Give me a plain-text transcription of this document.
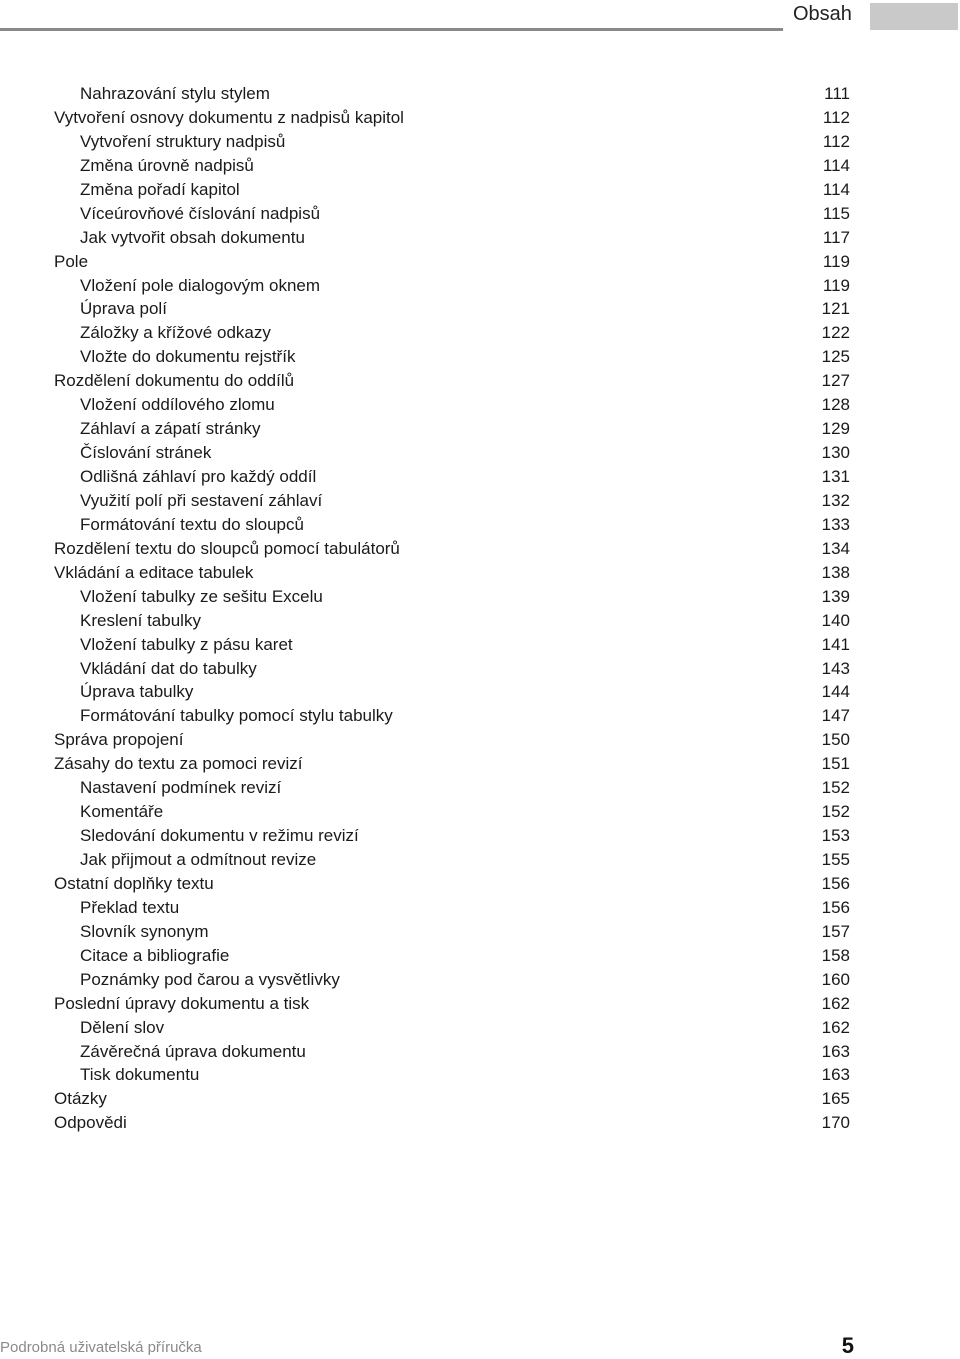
Obsah
Nahrazování stylu stylem	111
Vytvoření osnovy dokumentu z nadpisů kapitol	112
Vytvoření struktury nadpisů	112
Změna úrovně nadpisů	114
Změna pořadí kapitol	114
Víceúrovňové číslování nadpisů	115
Jak vytvořit obsah dokumentu	117
Pole	119
Vložení pole dialogovým oknem	119
Úprava polí	121
Záložky a křížové odkazy	122
Vložte do dokumentu rejstřík	125
Rozdělení dokumentu do oddílů	127
Vložení oddílového zlomu	128
Záhlaví a zápatí stránky	129
Číslování stránek	130
Odlišná záhlaví pro každý oddíl	131
Využití polí při sestavení záhlaví	132
Formátování textu do sloupců	133
Rozdělení textu do sloupců pomocí tabulátorů	134
Vkládání a editace tabulek	138
Vložení tabulky ze sešitu Excelu	139
Kreslení tabulky	140
Vložení tabulky z pásu karet	141
Vkládání dat do tabulky	143
Úprava tabulky	144
Formátování tabulky pomocí stylu tabulky	147
Správa propojení	150
Zásahy do textu za pomoci revizí	151
Nastavení podmínek revizí	152
Komentáře	152
Sledování dokumentu v režimu revizí	153
Jak přijmout a odmítnout revize	155
Ostatní doplňky textu	156
Překlad textu	156
Slovník synonym	157
Citace a bibliografie	158
Poznámky pod čarou a vysvětlivky	160
Poslední úpravy dokumentu a tisk	162
Dělení slov	162
Závěrečná úprava dokumentu	163
Tisk dokumentu	163
Otázky	165
Odpovědi	170
Podrobná uživatelská příručka	5
